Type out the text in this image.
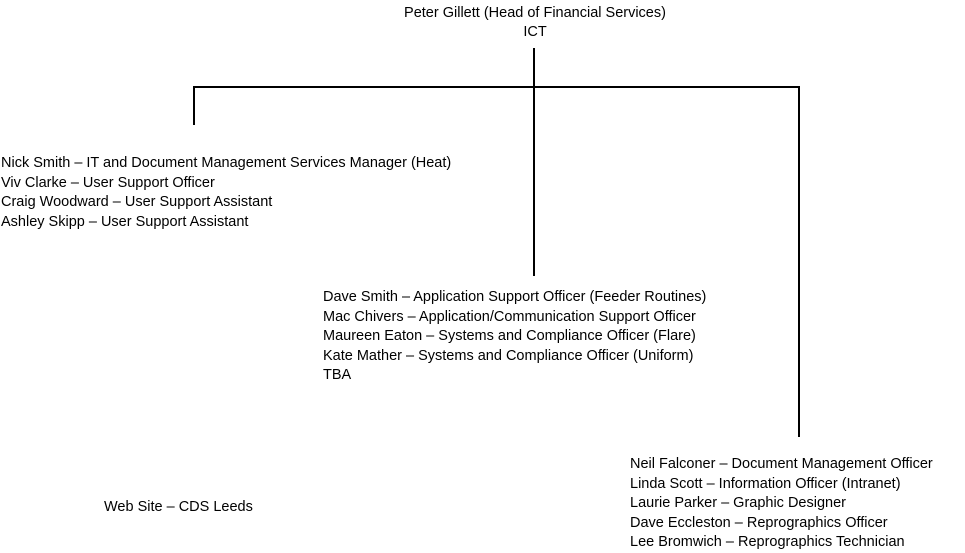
Peter Gillett (Head of Financial Services)
ICT
Nick Smith – IT and Document Management Services Manager (Heat)
Viv Clarke – User Support Officer
Craig Woodward – User Support Assistant
Ashley Skipp – User Support Assistant
Dave Smith – Application Support Officer (Feeder Routines)
Mac Chivers – Application/Communication Support Officer
Maureen Eaton – Systems and Compliance Officer (Flare)
Kate Mather – Systems and Compliance Officer (Uniform)
TBA
Neil Falconer – Document Management Officer
Linda Scott – Information Officer (Intranet)
Laurie Parker – Graphic Designer
Dave Eccleston – Reprographics Officer
Lee Bromwich – Reprographics Technician
Web Site – CDS Leeds
